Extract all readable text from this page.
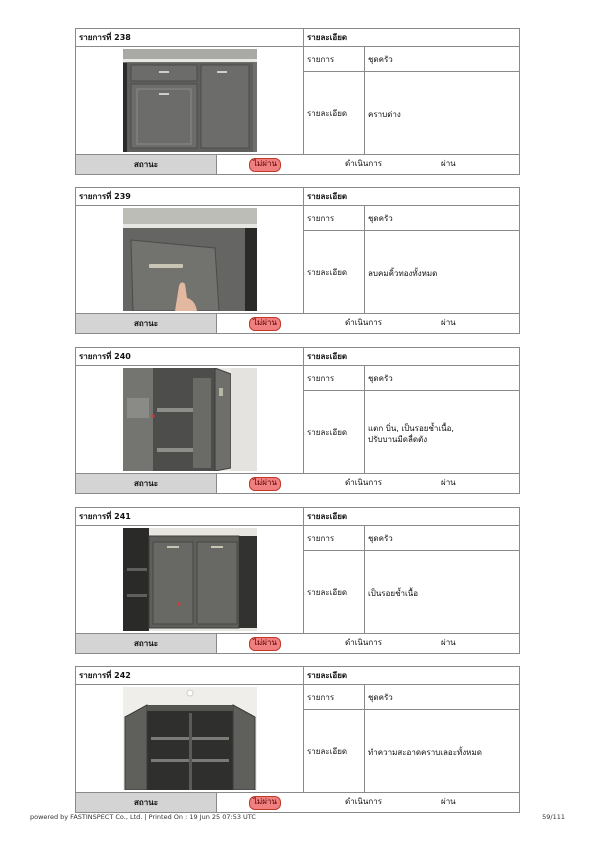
รายการที่ 238	รายละเอียด
รายการ	ชุดครัว
รายละเอียด	คราบด่าง
สถานะ	ไม่ผ่าน	ดำเนินการ	ผ่าน
รายการที่ 239	รายละเอียด
รายการ	ชุดครัว
รายละเอียด	ลบคมคิ้วทองทั้งหมด
สถานะ	ไม่ผ่าน	ดำเนินการ	ผ่าน
รายการที่ 240	รายละเอียด
รายการ	ชุดครัว
รายละเอียด	แตก บิ่น, เป็นรอยช้ำเนื้อ,
ปรับบานมีดลื่ดตัง
สถานะ	ไม่ผ่าน	ดำเนินการ	ผ่าน
รายการที่ 241	รายละเอียด
รายการ	ชุดครัว
รายละเอียด	เป็นรอยช้ำเนื้อ
สถานะ	ไม่ผ่าน	ดำเนินการ	ผ่าน
รายการที่ 242	รายละเอียด
รายการ	ชุดครัว
รายละเอียด	ทำความสะอาดคราบเลอะทั้งหมด
สถานะ	ไม่ผ่าน	ดำเนินการ	ผ่าน
powered by FASTINSPECT Co., Ltd. | Printed On : 19 Jun 25 07:53 UTC	59/111
